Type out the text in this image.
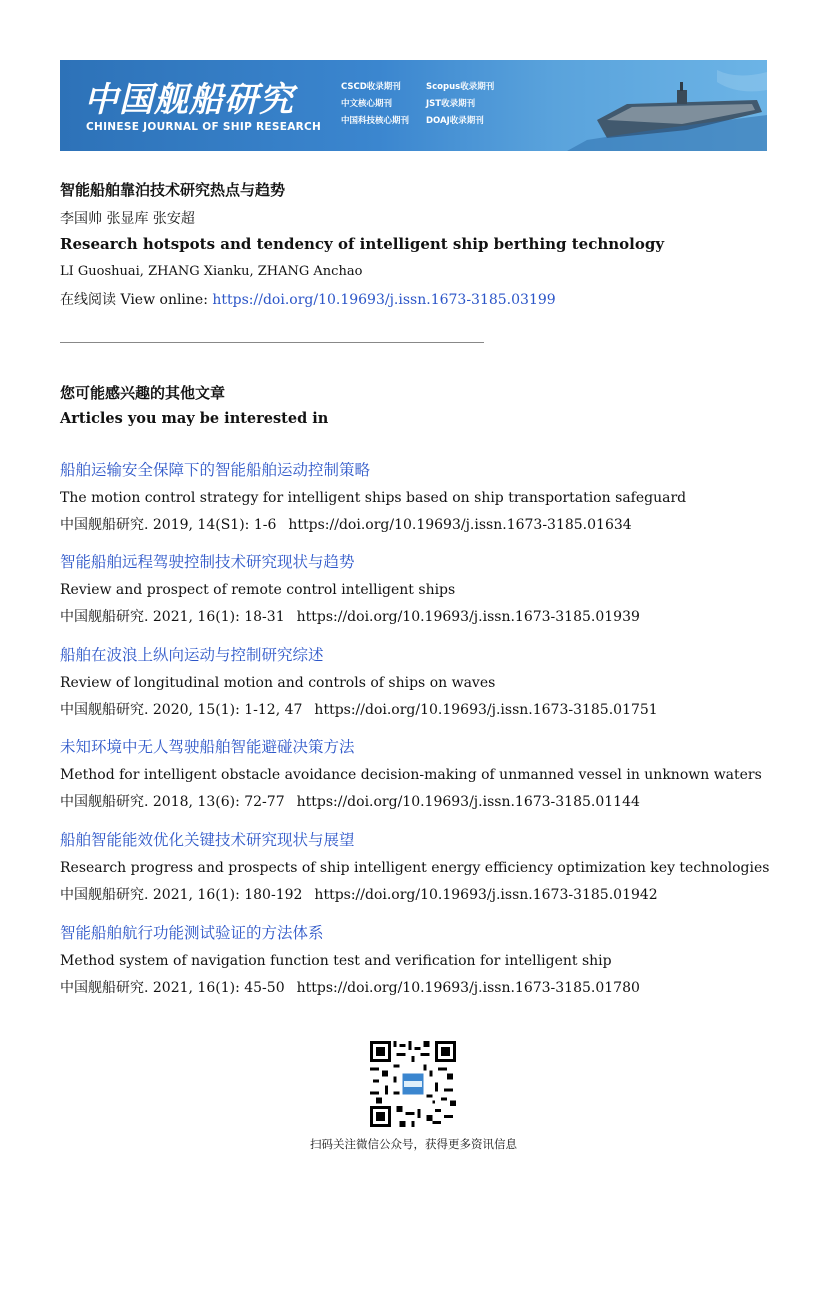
中国舰船研究
CHINESE JOURNAL OF SHIP RESEARCH
CSCD收录期刊
中文核心期刊
中国科技核心期刊
Scopus收录期刊
JST收录期刊
DOAJ收录期刊
智能船舶靠泊技术研究热点与趋势
李国帅 张显库 张安超
Research hotspots and tendency of intelligent ship berthing technology
LI Guoshuai, ZHANG Xianku, ZHANG Anchao
在线阅读 View online: https://doi.org/10.19693/j.issn.1673-3185.03199
您可能感兴趣的其他文章
Articles you may be interested in
船舶运输安全保障下的智能船舶运动控制策略
The motion control strategy for intelligent ships based on ship transportation safeguard
中国舰船研究. 2019, 14(S1): 1-6 https://doi.org/10.19693/j.issn.1673-3185.01634
智能船舶远程驾驶控制技术研究现状与趋势
Review and prospect of remote control intelligent ships
中国舰船研究. 2021, 16(1): 18-31 https://doi.org/10.19693/j.issn.1673-3185.01939
船舶在波浪上纵向运动与控制研究综述
Review of longitudinal motion and controls of ships on waves
中国舰船研究. 2020, 15(1): 1-12, 47 https://doi.org/10.19693/j.issn.1673-3185.01751
未知环境中无人驾驶船舶智能避碰决策方法
Method for intelligent obstacle avoidance decision-making of unmanned vessel in unknown waters
中国舰船研究. 2018, 13(6): 72-77 https://doi.org/10.19693/j.issn.1673-3185.01144
船舶智能能效优化关键技术研究现状与展望
Research progress and prospects of ship intelligent energy efficiency optimization key technologies
中国舰船研究. 2021, 16(1): 180-192 https://doi.org/10.19693/j.issn.1673-3185.01942
智能船舶航行功能测试验证的方法体系
Method system of navigation function test and verification for intelligent ship
中国舰船研究. 2021, 16(1): 45-50 https://doi.org/10.19693/j.issn.1673-3185.01780
扫码关注微信公众号，获得更多资讯信息
